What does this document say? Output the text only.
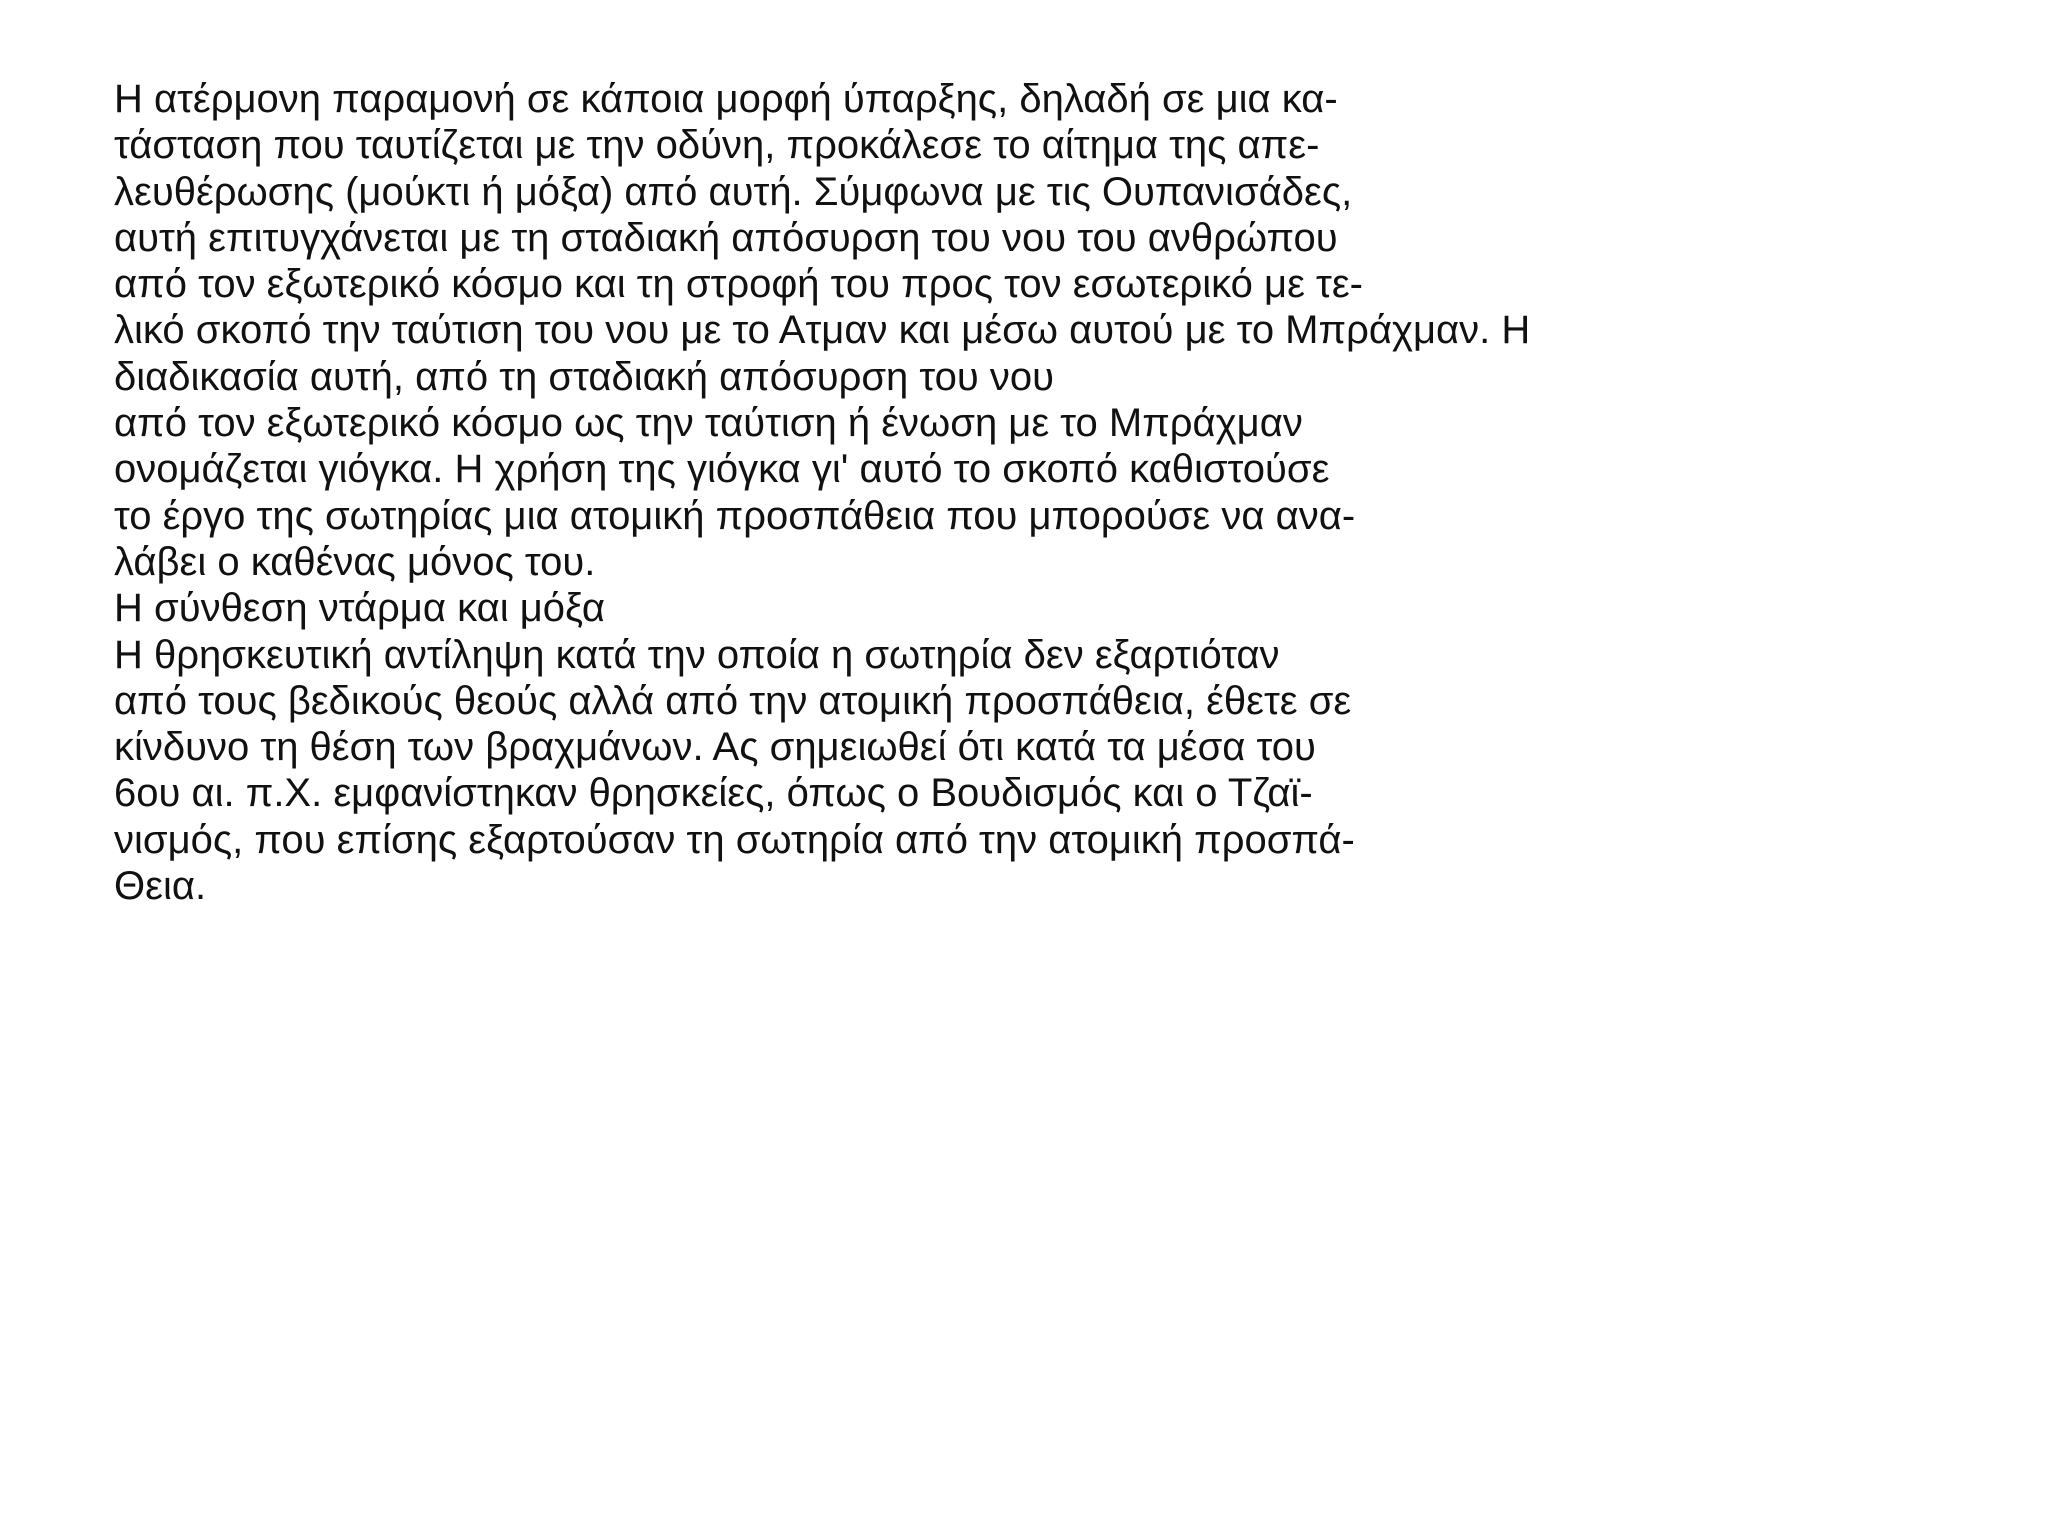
Η ατέρμονη παραμονή σε κάποια μορφή ύπαρξης, δηλαδή σε μια κα-
τάσταση που ταυτίζεται με την οδύνη, προκάλεσε το αίτημα της απε-
λευθέρωσης (μούκτι ή μόξα) από αυτή. Σύμφωνα με τις Ουπανισάδες,
αυτή επιτυγχάνεται με τη σταδιακή απόσυρση του νου του ανθρώπου
από τον εξωτερικό κόσμο και τη στροφή του προς τον εσωτερικό με τε-
λικό σκοπό την ταύτιση του νου με το Ατμαν και μέσω αυτού με το Μπράχμαν. Η
διαδικασία αυτή, από τη σταδιακή απόσυρση του νου
από τον εξωτερικό κόσμο ως την ταύτιση ή ένωση με το Μπράχμαν
ονομάζεται γιόγκα. Η χρήση της γιόγκα γι' αυτό το σκοπό καθιστούσε
το έργο της σωτηρίας μια ατομική προσπάθεια που μπορούσε να ανα-
λάβει ο καθένας μόνος του.
Η σύνθεση ντάρμα και μόξα
Η θρησκευτική αντίληψη κατά την οποία η σωτηρία δεν εξαρτιόταν
από τους βεδικούς θεούς αλλά από την ατομική προσπάθεια, έθετε σε
κίνδυνο τη θέση των βραχμάνων. Ας σημειωθεί ότι κατά τα μέσα του
6ου αι. π.Χ. εμφανίστηκαν θρησκείες, όπως ο Βουδισμός και ο Τζαϊ-
νισμός, που επίσης εξαρτούσαν τη σωτηρία από την ατομική προσπά-
Θεια.
